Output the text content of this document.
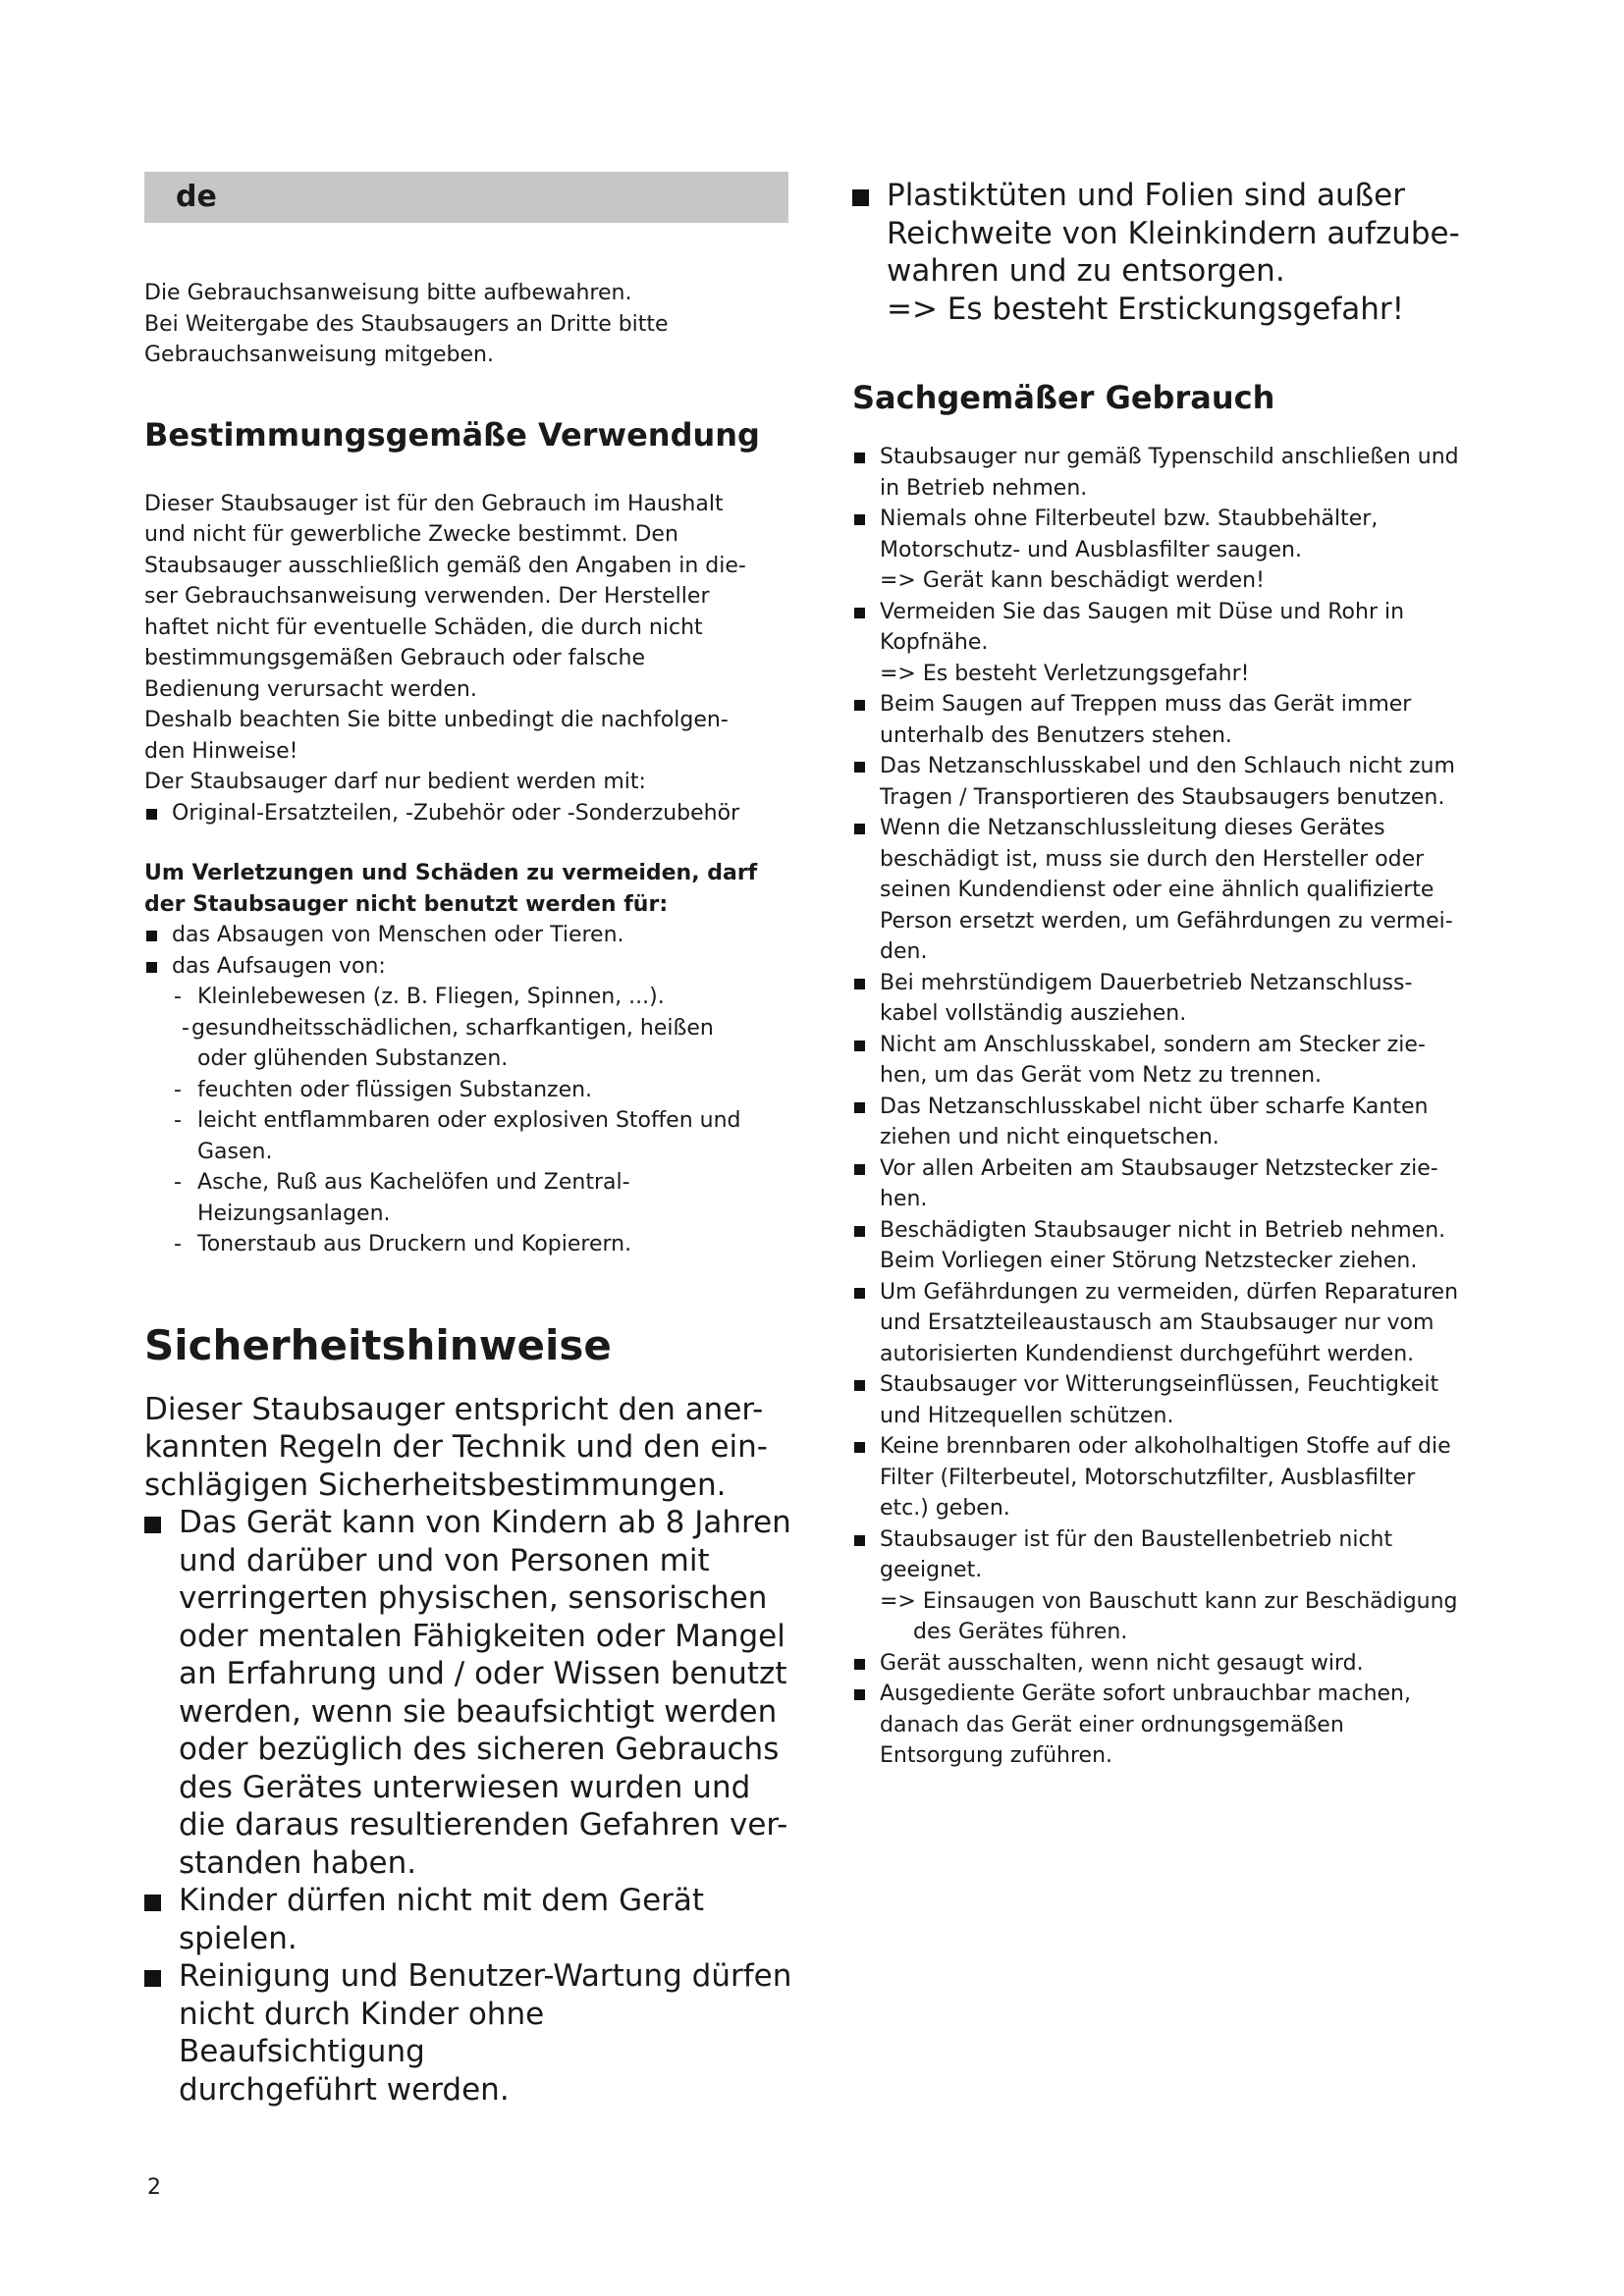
de
Die Gebrauchsanweisung bitte aufbewahren.
Bei Weitergabe des Staubsaugers an Dritte bitte
Gebrauchsanweisung mitgeben.
Bestimmungsgemäße Verwendung
Dieser Staubsauger ist für den Gebrauch im Haushalt
und nicht für gewerbliche Zwecke bestimmt. Den
Staubsauger ausschließlich gemäß den Angaben in die-
ser Gebrauchsanweisung verwenden. Der Hersteller
haftet nicht für eventuelle Schäden, die durch nicht
bestimmungsgemäßen Gebrauch oder falsche
Bedienung verursacht werden.
Deshalb beachten Sie bitte unbedingt die nachfolgen-
den Hinweise!
Der Staubsauger darf nur bedient werden mit:
Original-Ersatzteilen, -Zubehör oder -Sonderzubehör
Um Verletzungen und Schäden zu vermeiden, darf
der Staubsauger nicht benutzt werden für:
das Absaugen von Menschen oder Tieren.
das Aufsaugen von:
- Kleinlebewesen (z. B. Fliegen, Spinnen, ...).
- gesundheitsschädlichen, scharfkantigen, heißen
oder glühenden Substanzen.
- feuchten oder flüssigen Substanzen.
- leicht entflammbaren oder explosiven Stoffen und
Gasen.
- Asche, Ruß aus Kachelöfen und Zentral-
Heizungsanlagen.
- Tonerstaub aus Druckern und Kopierern.
Sicherheitshinweise
Dieser Staubsauger entspricht den aner-
kannten Regeln der Technik und den ein-
schlägigen Sicherheitsbestimmungen.
Das Gerät kann von Kindern ab 8 Jahren
und darüber und von Personen mit
verringerten physischen, sensorischen
oder mentalen Fähigkeiten oder Mangel
an Erfahrung und / oder Wissen benutzt
werden, wenn sie beaufsichtigt werden
oder bezüglich des sicheren Gebrauchs
des Gerätes unterwiesen wurden und
die daraus resultierenden Gefahren ver-
standen haben.
Kinder dürfen nicht mit dem Gerät
spielen.
Reinigung und Benutzer-Wartung dürfen
nicht durch Kinder ohne Beaufsichtigung
durchgeführt werden.
Plastiktüten und Folien sind außer
Reichweite von Kleinkindern aufzube-
wahren und zu entsorgen.
=> Es besteht Erstickungsgefahr!
Sachgemäßer Gebrauch
Staubsauger nur gemäß Typenschild anschließen und
in Betrieb nehmen.
Niemals ohne Filterbeutel bzw. Staubbehälter,
Motorschutz- und Ausblasfilter saugen.
=> Gerät kann beschädigt werden!
Vermeiden Sie das Saugen mit Düse und Rohr in
Kopfnähe.
=> Es besteht Verletzungsgefahr!
Beim Saugen auf Treppen muss das Gerät immer
unterhalb des Benutzers stehen.
Das Netzanschlusskabel und den Schlauch nicht zum
Tragen / Transportieren des Staubsaugers benutzen.
Wenn die Netzanschlussleitung dieses Gerätes
beschädigt ist, muss sie durch den Hersteller oder
seinen Kundendienst oder eine ähnlich qualifizierte
Person ersetzt werden, um Gefährdungen zu vermei-
den.
Bei mehrstündigem Dauerbetrieb Netzanschluss-
kabel vollständig ausziehen.
Nicht am Anschlusskabel, sondern am Stecker zie-
hen, um das Gerät vom Netz zu trennen.
Das Netzanschlusskabel nicht über scharfe Kanten
ziehen und nicht einquetschen.
Vor allen Arbeiten am Staubsauger Netzstecker zie-
hen.
Beschädigten Staubsauger nicht in Betrieb nehmen.
Beim Vorliegen einer Störung Netzstecker ziehen.
Um Gefährdungen zu vermeiden, dürfen Reparaturen
und Ersatzteileaustausch am Staubsauger nur vom
autorisierten Kundendienst durchgeführt werden.
Staubsauger vor Witterungseinflüssen, Feuchtigkeit
und Hitzequellen schützen.
Keine brennbaren oder alkoholhaltigen Stoffe auf die
Filter (Filterbeutel, Motorschutzfilter, Ausblasfilter
etc.) geben.
Staubsauger ist für den Baustellenbetrieb nicht
geeignet.
=> Einsaugen von Bauschutt kann zur Beschädigung
des Gerätes führen.
Gerät ausschalten, wenn nicht gesaugt wird.
Ausgediente Geräte sofort unbrauchbar machen,
danach das Gerät einer ordnungsgemäßen
Entsorgung zuführen.
2
